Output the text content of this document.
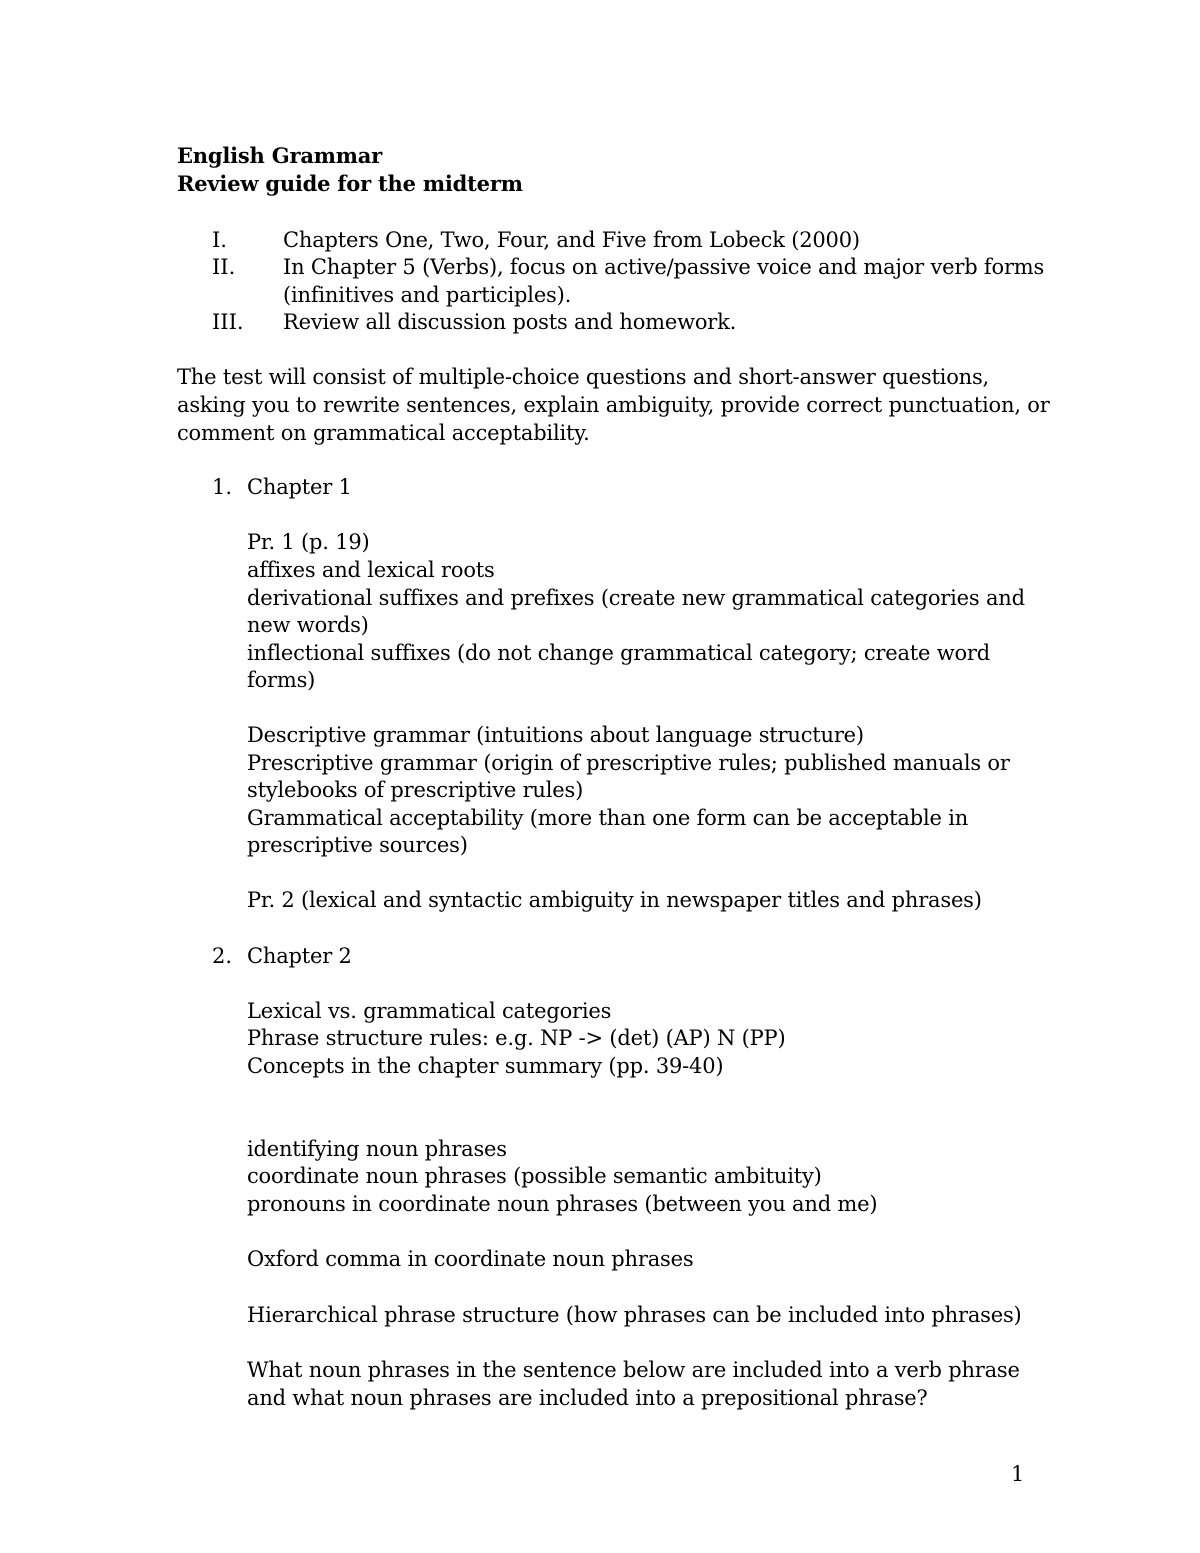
English Grammar
Review guide for the midterm
I.	Chapters One, Two, Four, and Five from Lobeck (2000)
II. In Chapter 5 (Verbs), focus on active/passive voice and major verb forms
(infinitives and participles).
III. Review all discussion posts and homework.
The test will consist of multiple-choice questions and short-answer questions,
asking you to rewrite sentences, explain ambiguity, provide correct punctuation, or
comment on grammatical acceptability.
1. Chapter 1
Pr. 1 (p. 19)
affixes and lexical roots
derivational suffixes and prefixes (create new grammatical categories and
new words)
inflectional suffixes (do not change grammatical category; create word
forms)
Descriptive grammar (intuitions about language structure)
Prescriptive grammar (origin of prescriptive rules; published manuals or
stylebooks of prescriptive rules)
Grammatical acceptability (more than one form can be acceptable in
prescriptive sources)
Pr. 2 (lexical and syntactic ambiguity in newspaper titles and phrases)
2. Chapter 2
Lexical vs. grammatical categories
Phrase structure rules: e.g. NP -> (det) (AP) N (PP)
Concepts in the chapter summary (pp. 39-40)
identifying noun phrases
coordinate noun phrases (possible semantic ambituity)
pronouns in coordinate noun phrases (between you and me)
Oxford comma in coordinate noun phrases
Hierarchical phrase structure (how phrases can be included into phrases)
What noun phrases in the sentence below are included into a verb phrase
and what noun phrases are included into a prepositional phrase?
1
